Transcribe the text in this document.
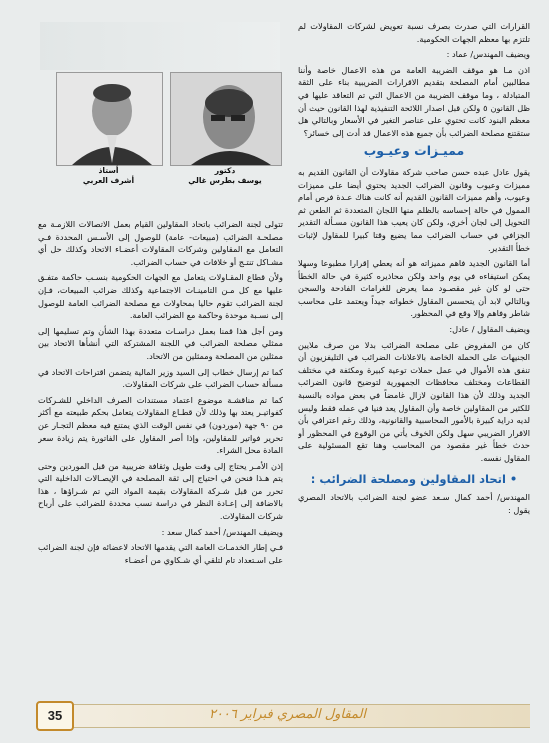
القرارات التي صدرت بصرف نسبة تعويض لشركات المقاولات لم تلتزم بها معظم الجهات الحكومية.

ويضيف المهندس/ عماد :

اذن مـا هو موقف الضريبة العامة من هذه الاعمال خاصة وأننا مطالبين أمام المصلحة بتقديم الاقرارات الضريبية بناء على الثقة المتبادلة ، وما موقف الضريبة من الاعمال التي تم التعاقد عليها في ظل القانون ٥ ولكن قبل اصدار اللائحة التنفيذية لهذا القانون حيث أن معظم البنود كانت تحتوي على عناصر التغير في الأسعار وبالتالي هل ستقتنع مصلحة الضرائب بأن جميع هذه الاعمال قد أدت إلى خسائر؟

مميـزات وعيـوب

يقول عادل عبده حسن صاحب شركة مقاولات أن القانون القديم به مميزات وعيوب وقانون الضرائب الجديد يحتوي أيضا على مميزات وعيوب، وأهم مميزات القانون القديم أنه كانت هناك عـدة فرص أمام الممول في حالة إحساسه بالظلم منها اللجان المتعددة ثم الطعن ثم التحويل إلى لجان أخري، ولكن كان يعيب هذا القانون مسـألة التقدير الجزافي في حساب الضرائب مما يضيع وقتا كبيرا للمقاول لإثبات خطأ التقدير.

أما القانون الجديد فاهم مميزاته هو أنه يعطي إقرارا مطبوعا وسهلا يمكن استيفاءه في يوم واحد ولكن محاذيره كثيرة في حالة الخطأ حتى لو كان غير مقصـود مما يعرض للغرامات الفادحة والسجن وبالتالي لابد أن يتحسس المقاول خطواته جيداً ويعتمد على محاسب شاطر وفاهم وإلا وقع في المحظور.

ويضيف المقاول / عادل:

كان من المفروض على مصلحة الضرائب بدلا من صرف ملايين الجنيهات على الحملة الخاصة بالاعلانات الضرائب في التليفزيون أن تنفق هذه الأموال في عمل حملات توعية كبيرة ومكثفة في مختلف القطاعات ومختلف محافظات الجمهورية لتوضيح قانون الضرائب الجديد وذلك لأن هذا القانون لازال غامضاً في بعض مواده بالنسبة للكثير من المقاولين خاصة وأن المقاول يعد فنيا في عمله فقط وليس لديه دراية كبيرة بالأمور المحاسبية والقانونية، وذلك رغم اعترافي بأن الاقرار الضريبي سهل ولكن الخوف يأتي من الوقوع في المحظور أو حدث خطأ غير مقصود من المحاسب وهنا تقع المسئولية على المقاول نفسه.

• اتحاد المقاولين ومصلحة الضرائب :

المهندس/ أحمد كمال سـعد عضو لجنة الضرائب بالاتحاد المصري يقول :

دكتور
يوسف بطرس غالي
أستاذ
أشرف العربي

تتولى لجنة الضرائب باتحاد المقاولين القيام بعمل الاتصالات اللازمـة مع مصلحـة الضرائب (مبيعات- عامة) للوصول إلى الأسـس المحددة فـي التعامل مع المقاولين وشركات المقاولات أعضـاء الاتحاد وكذلك حل أي مشـاكل تنتـج أو خلافات في حساب الضرائب.

ولأن قطاع المقـاولات يتعامل مع الجهات الحكومية بنسـب حاكمة متفـق عليها مع كل مـن التامينـات الاجتماعية وكذلك ضرائب المبيعات، فـإن لجنة الضرائب تقوم حاليا بمحاولات مع مصلحة الضرائب العامة للوصول إلى نسـبة موحدة وحاكمة مع الضرائب العامة.

ومن أجل هذا قمنا بعمل دراسـات متعددة بهذا الشأن وتم تسليمها إلى ممثلي مصلحة الضرائب في اللجنة المشتركة التي أنشأها الاتحاد بين ممثلين من المصلحة وممثلين من الاتحاد.

كما تم إرسال خطاب إلى السيد وزير المالية يتضمن اقتراحات الاتحاد في مسألة حساب الضرائب على شركات المقاولات.

كما تم مناقشـة موضوع اعتماد مستندات الصرف الداخلي للشـركات كفواتيـر يعتد بها وذلك لأن قطـاع المقاولات يتعامل بحكم طبيعته مع أكثر من ٩٠ جهة (موردون) في نفس الوقت الذي يمتنع فيه معظم التجـار عن تحرير فواتير للمقاولين، وإذا أصر المقاول على الفاتورة يتم زيادة سعر المادة محل الشراء.

إذن الأمـر يحتاج إلى وقت طويل وثقافة ضريبية من قبل الموردين وحتى يتم هـذا فنحن في احتياج إلى ثقة المصلحة في الإيصـالات الداخلية التي تحرر من قبل شـركة المقاولات بقيمة المواد التي تم شـراؤها ، هذا بالاضافة إلى إعـادة النظر في دراسة نسب محددة للضرائب على أرباح شركات المقاولات.

ويضيف المهندس/ أحمد كمال سعد :

فـي إطار الخدمـات العامة التي يقدمها الاتحاد لاعضائه فإن لجنة الضرائب على اسـتعداد تام لتلقي أي شـكاوي من أعضـاء

المقاول المصري فبراير ٢٠٠٦
35
